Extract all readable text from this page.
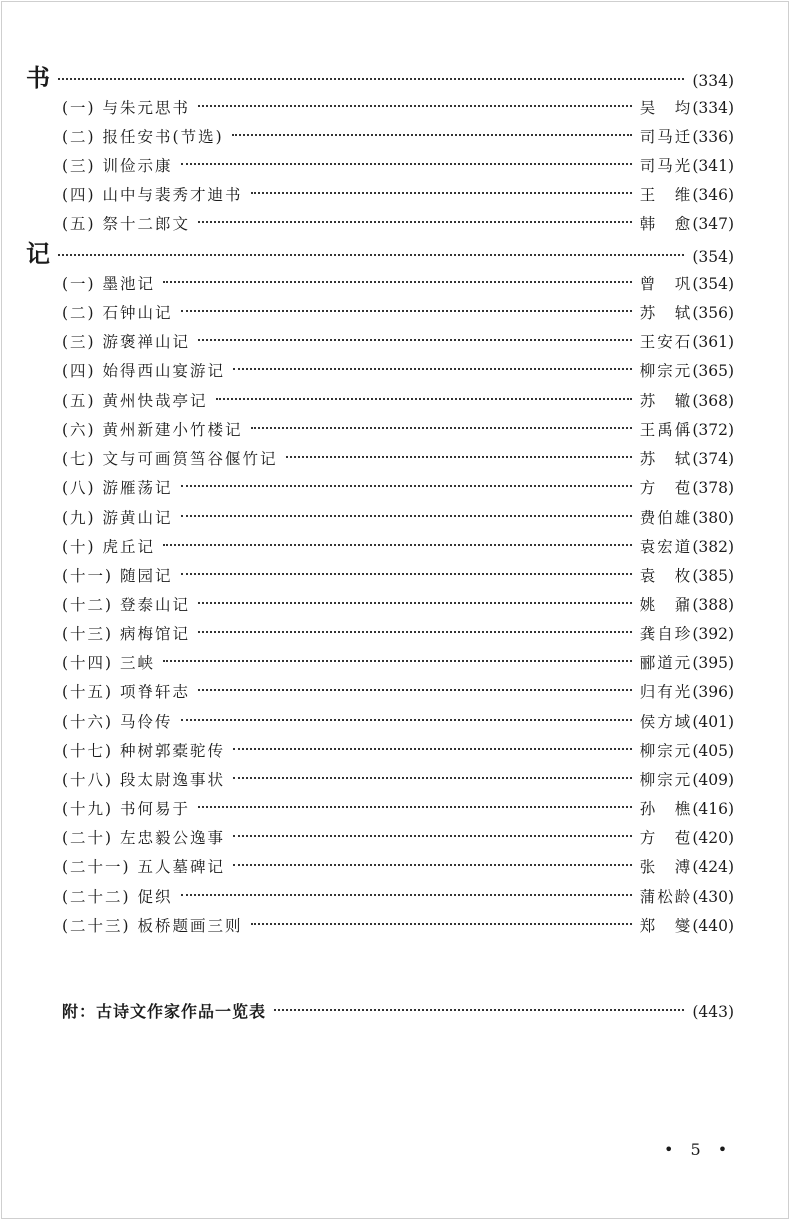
书	(334)
(一) 与朱元思书	吴　均 (334)
(二) 报任安书(节选)	司马迁 (336)
(三) 训俭示康	司马光 (341)
(四) 山中与裴秀才迪书	王　维 (346)
(五) 祭十二郎文	韩　愈 (347)
记	(354)
(一) 墨池记	曾　巩 (354)
(二) 石钟山记	苏　轼 (356)
(三) 游褒禅山记	王安石 (361)
(四) 始得西山宴游记	柳宗元 (365)
(五) 黄州快哉亭记	苏　辙 (368)
(六) 黄州新建小竹楼记	王禹偁 (372)
(七) 文与可画筼筜谷偃竹记	苏　轼 (374)
(八) 游雁荡记	方　苞 (378)
(九) 游黄山记	费伯雄 (380)
(十) 虎丘记	袁宏道 (382)
(十一) 随园记	袁　枚 (385)
(十二) 登泰山记	姚　鼐 (388)
(十三) 病梅馆记	龚自珍 (392)
(十四) 三峡	郦道元 (395)
(十五) 项脊轩志	归有光 (396)
(十六) 马伶传	侯方域 (401)
(十七) 种树郭橐驼传	柳宗元 (405)
(十八) 段太尉逸事状	柳宗元 (409)
(十九) 书何易于	孙　樵 (416)
(二十) 左忠毅公逸事	方　苞 (420)
(二十一) 五人墓碑记	张　溥 (424)
(二十二) 促织	蒲松龄 (430)
(二十三) 板桥题画三则	郑　燮 (440)
附：古诗文作家作品一览表	(443)
• 5 •
